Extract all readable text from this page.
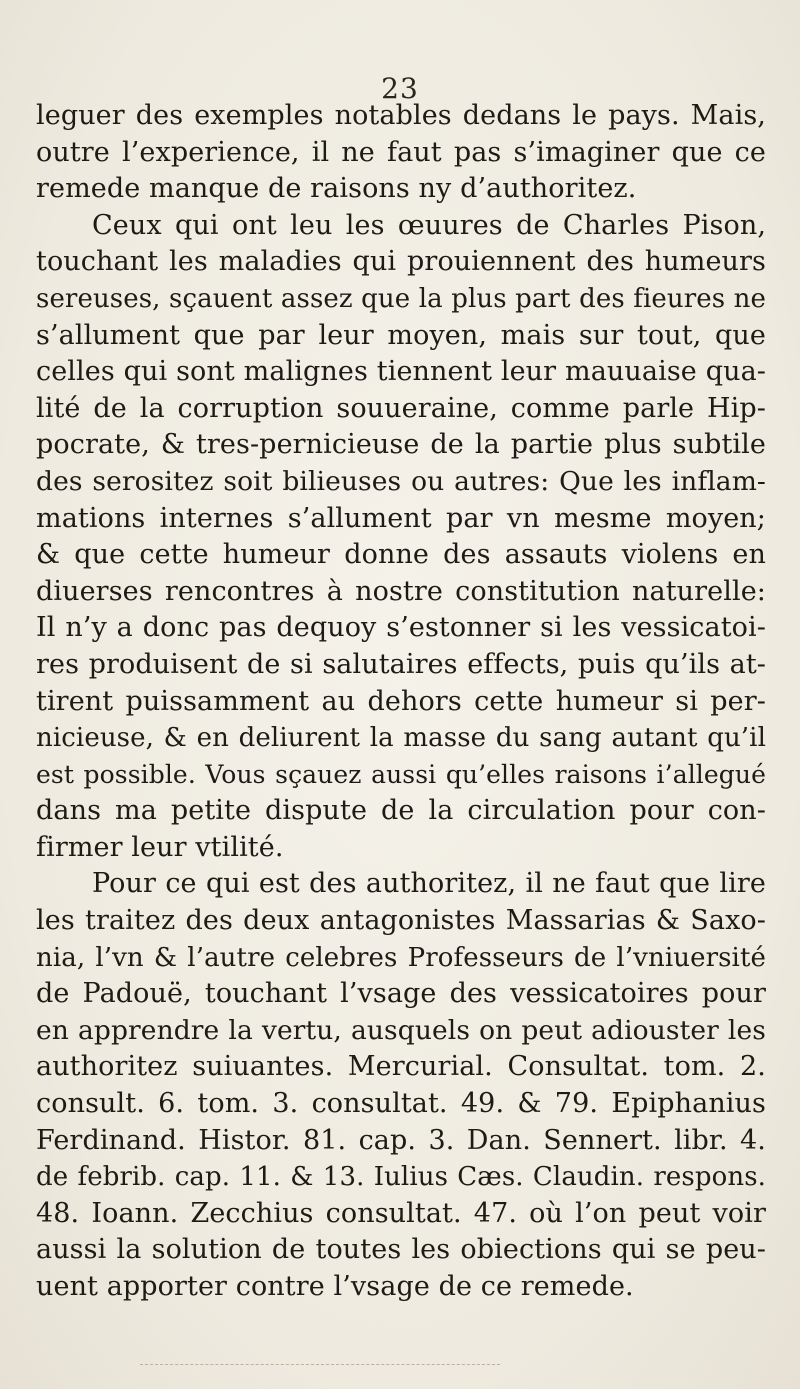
23
leguer des exemples notables dedans le pays. Mais,
outre l’experience, il ne faut pas s’imaginer que ce
remede manque de raisons ny d’authoritez.
Ceux qui ont leu les œuures de Charles Pison,
touchant les maladies qui prouiennent des humeurs
sereuses, sçauent assez que la plus part des fieures ne
s’allument que par leur moyen, mais sur tout, que
celles qui sont malignes tiennent leur mauuaise qua-
lité de la corruption souueraine, comme parle Hip-
pocrate, & tres-pernicieuse de la partie plus subtile
des serositez soit bilieuses ou autres: Que les inflam-
mations internes s’allument par vn mesme moyen;
& que cette humeur donne des assauts violens en
diuerses rencontres à nostre constitution naturelle:
Il n’y a donc pas dequoy s’estonner si les vessicatoi-
res produisent de si salutaires effects, puis qu’ils at-
tirent puissamment au dehors cette humeur si per-
nicieuse, & en deliurent la masse du sang autant qu’il
est possible. Vous sçauez aussi qu’elles raisons i’allegué
dans ma petite dispute de la circulation pour con-
firmer leur vtilité.
Pour ce qui est des authoritez, il ne faut que lire
les traitez des deux antagonistes Massarias & Saxo-
nia, l’vn & l’autre celebres Professeurs de l’vniuersité
de Padouë, touchant l’vsage des vessicatoires pour
en apprendre la vertu, ausquels on peut adiouster les
authoritez suiuantes. Mercurial. Consultat. tom. 2.
consult. 6. tom. 3. consultat. 49. & 79. Epiphanius
Ferdinand. Histor. 81. cap. 3. Dan. Sennert. libr. 4.
de febrib. cap. 11. & 13. Iulius Cæs. Claudin. respons.
48. Ioann. Zecchius consultat. 47. où l’on peut voir
aussi la solution de toutes les obiections qui se peu-
uent apporter contre l’vsage de ce remede.
